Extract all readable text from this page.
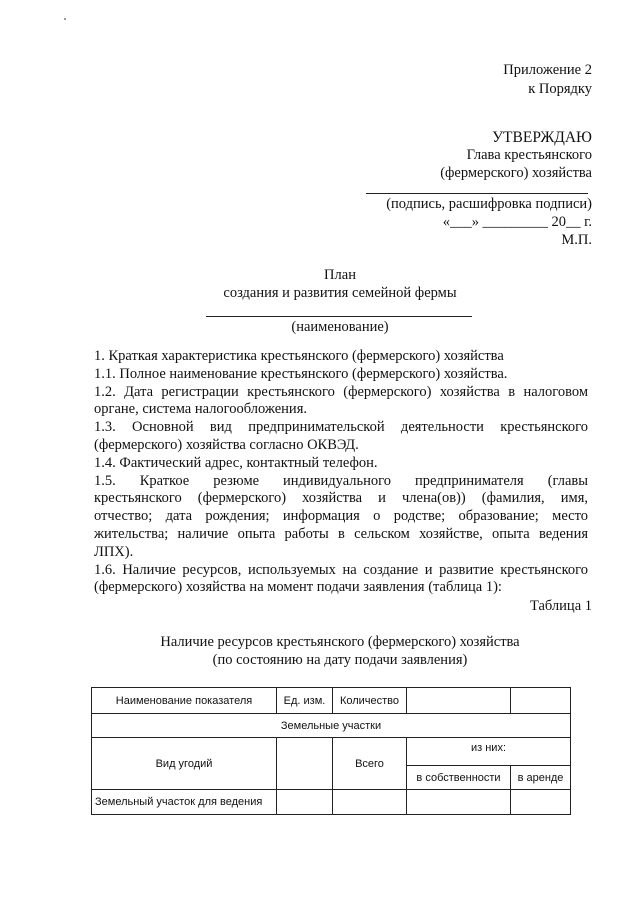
Приложение 2
к Порядку
УТВЕРЖДАЮ
Глава крестьянского
(фермерского) хозяйства
(подпись, расшифровка подписи)
«___» _________ 20__ г.
М.П.
План
создания и развития семейной фермы
(наименование)
1. Краткая характеристика крестьянского (фермерского) хозяйства
1.1. Полное наименование крестьянского (фермерского) хозяйства.
1.2. Дата регистрации крестьянского (фермерского) хозяйства в налоговом
органе, система налогообложения.
1.3. Основной вид предпринимательской деятельности крестьянского
(фермерского) хозяйства согласно ОКВЭД.
1.4. Фактический адрес, контактный телефон.
1.5. Краткое резюме индивидуального предпринимателя (главы
крестьянского (фермерского) хозяйства и члена(ов)) (фамилия, имя,
отчество; дата рождения; информация о родстве; образование; место
жительства; наличие опыта работы в сельском хозяйстве, опыта ведения
ЛПХ).
1.6. Наличие ресурсов, используемых на создание и развитие крестьянского
(фермерского) хозяйства на момент подачи заявления (таблица 1):
Таблица 1
Наличие ресурсов крестьянского (фермерского) хозяйства
(по состоянию на дату подачи заявления)
Наименование показателя	Ед. изм.	Количество		
Земельные участки				
Вид угодий		Всего	из них:	
			в собственности	в аренде
Земельный участок для ведения				
